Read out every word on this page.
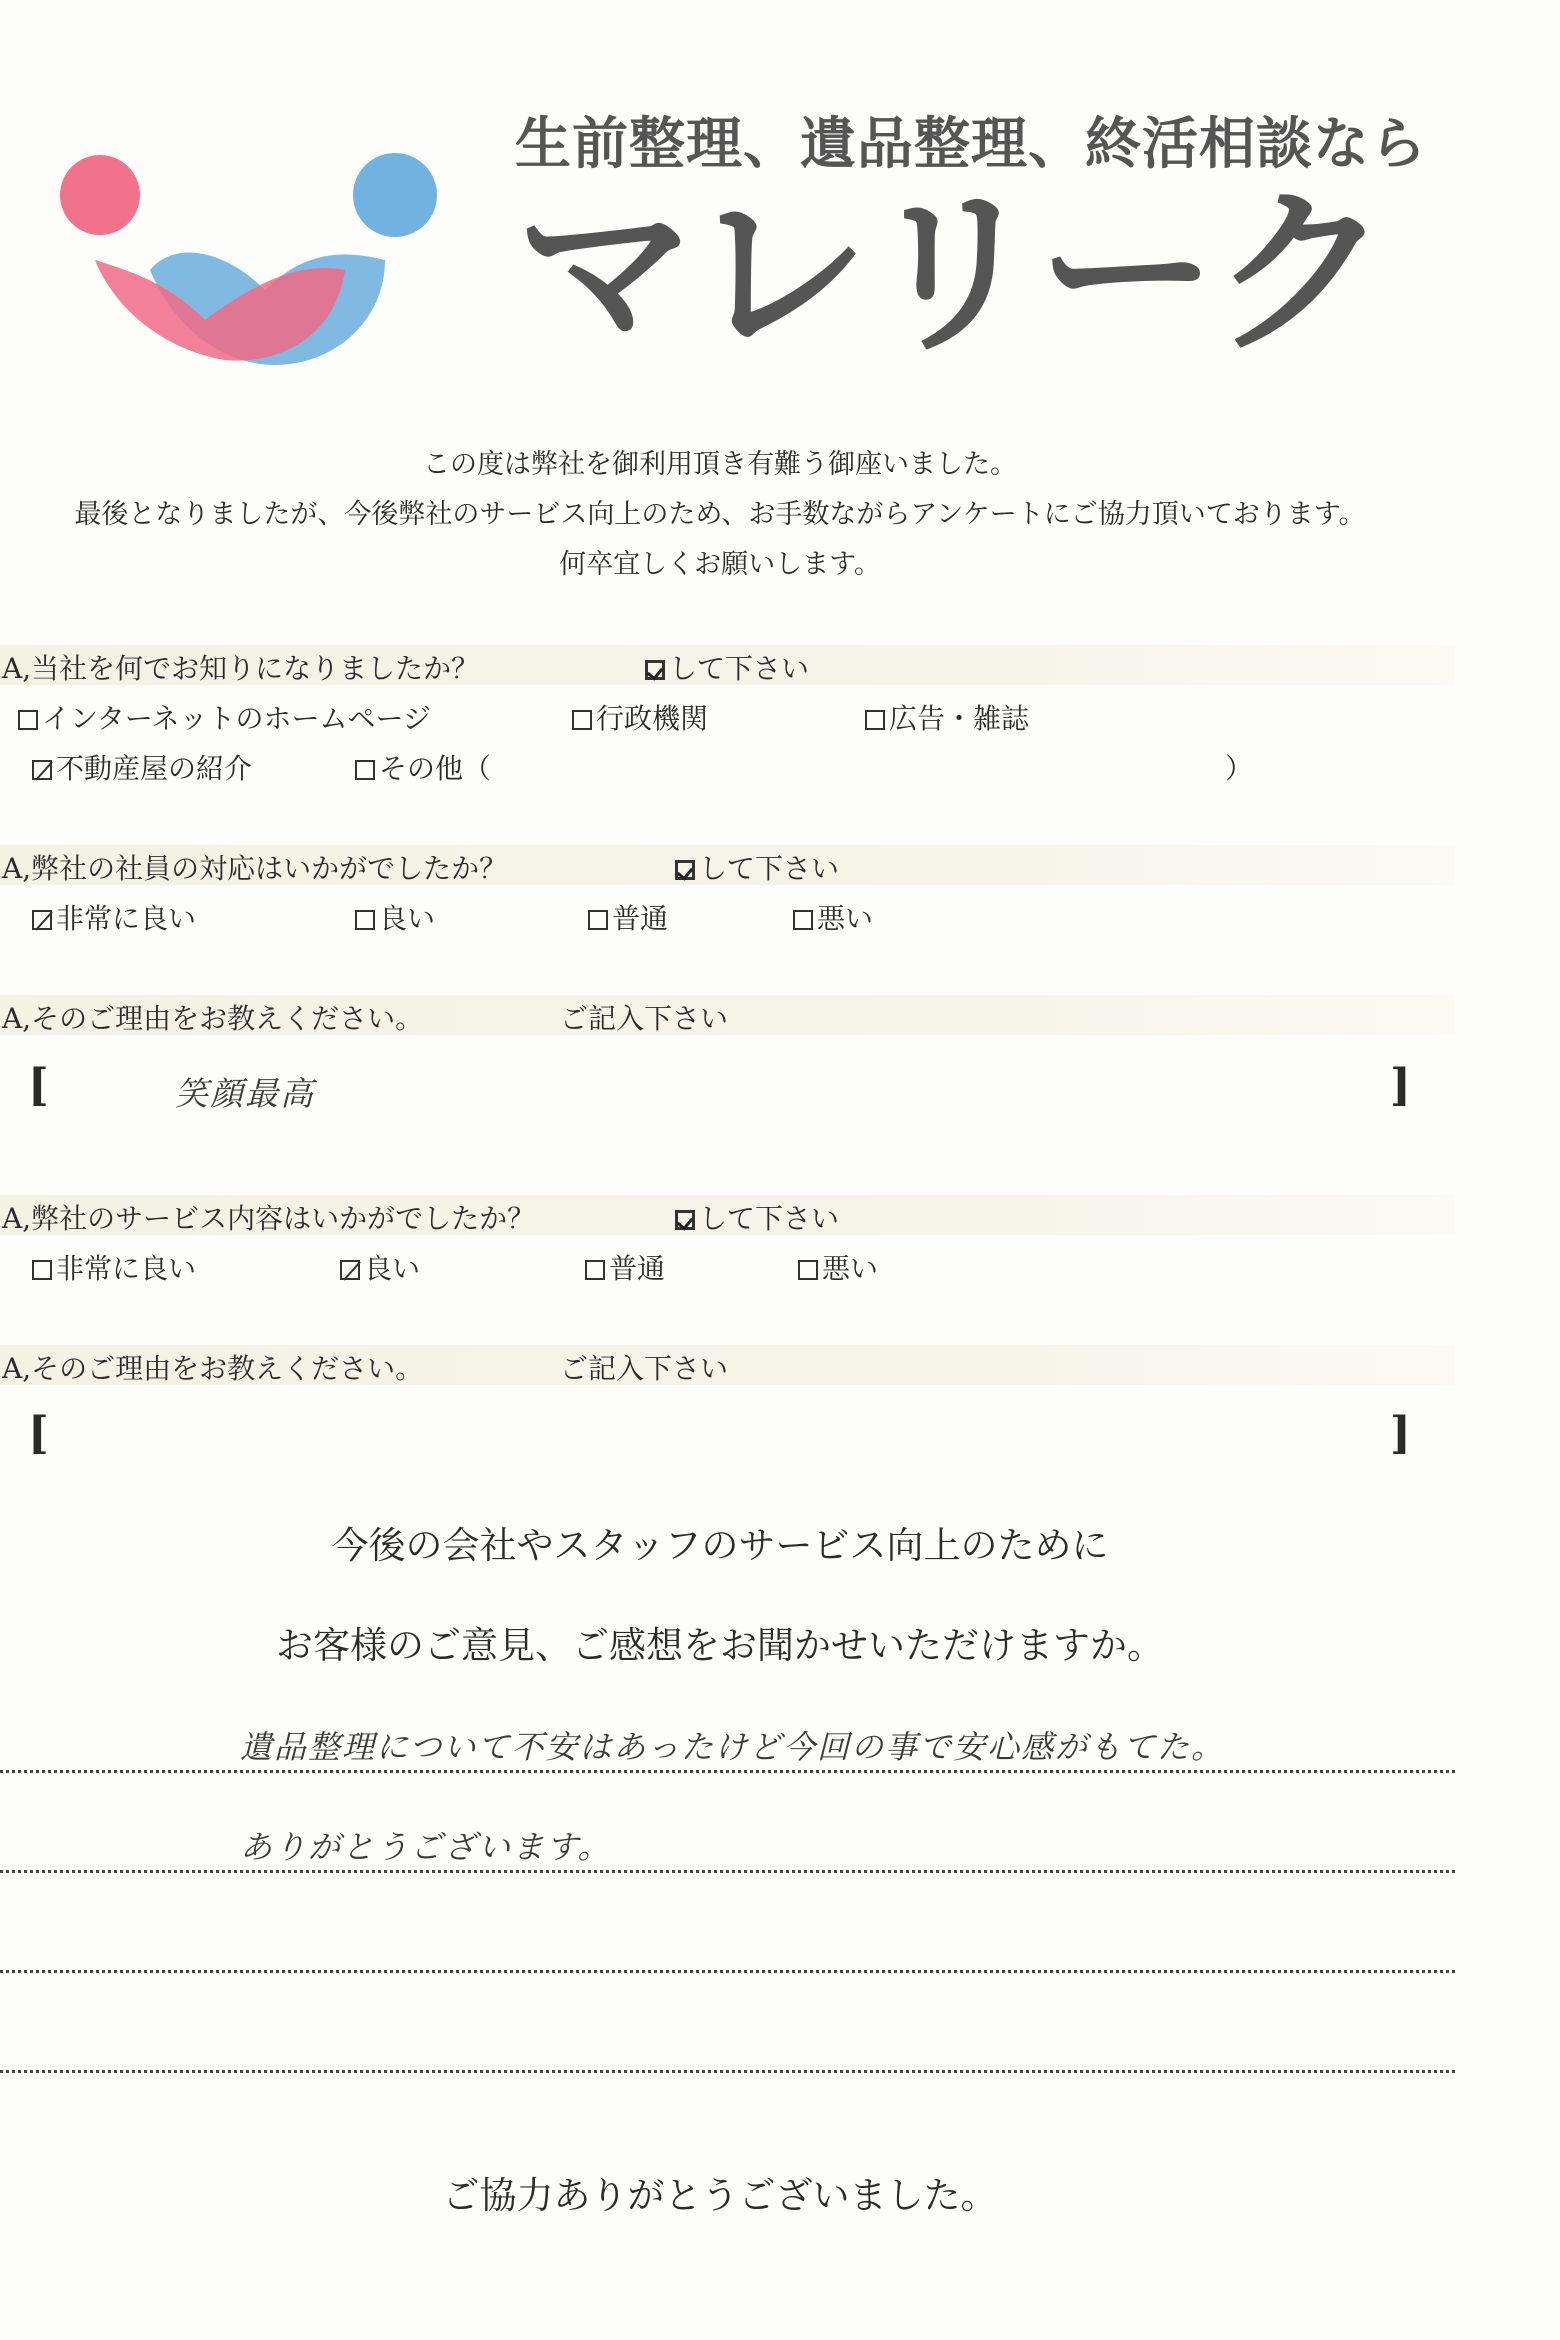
生前整理、遺品整理、終活相談なら
マレリーク
この度は弊社を御利用頂き有難う御座いました。
最後となりましたが、今後弊社のサービス向上のため、お手数ながらアンケートにご協力頂いております。
何卒宜しくお願いします。
A,当社を何でお知りになりましたか？	して下さい
インターネットのホームページ	行政機関	広告・雑誌
不動産屋の紹介	その他（	）
A,弊社の社員の対応はいかがでしたか？	して下さい
非常に良い	良い	普通	悪い
A,そのご理由をお教えください。	ご記入下さい
[	笑顔最高	]
A,弊社のサービス内容はいかがでしたか？	して下さい
非常に良い	良い	普通	悪い
A,そのご理由をお教えください。	ご記入下さい
[	]
今後の会社やスタッフのサービス向上のために
お客様のご意見、ご感想をお聞かせいただけますか。
遺品整理について不安はあったけど今回の事で安心感がもてた。
ありがとうございます。
ご協力ありがとうございました。
